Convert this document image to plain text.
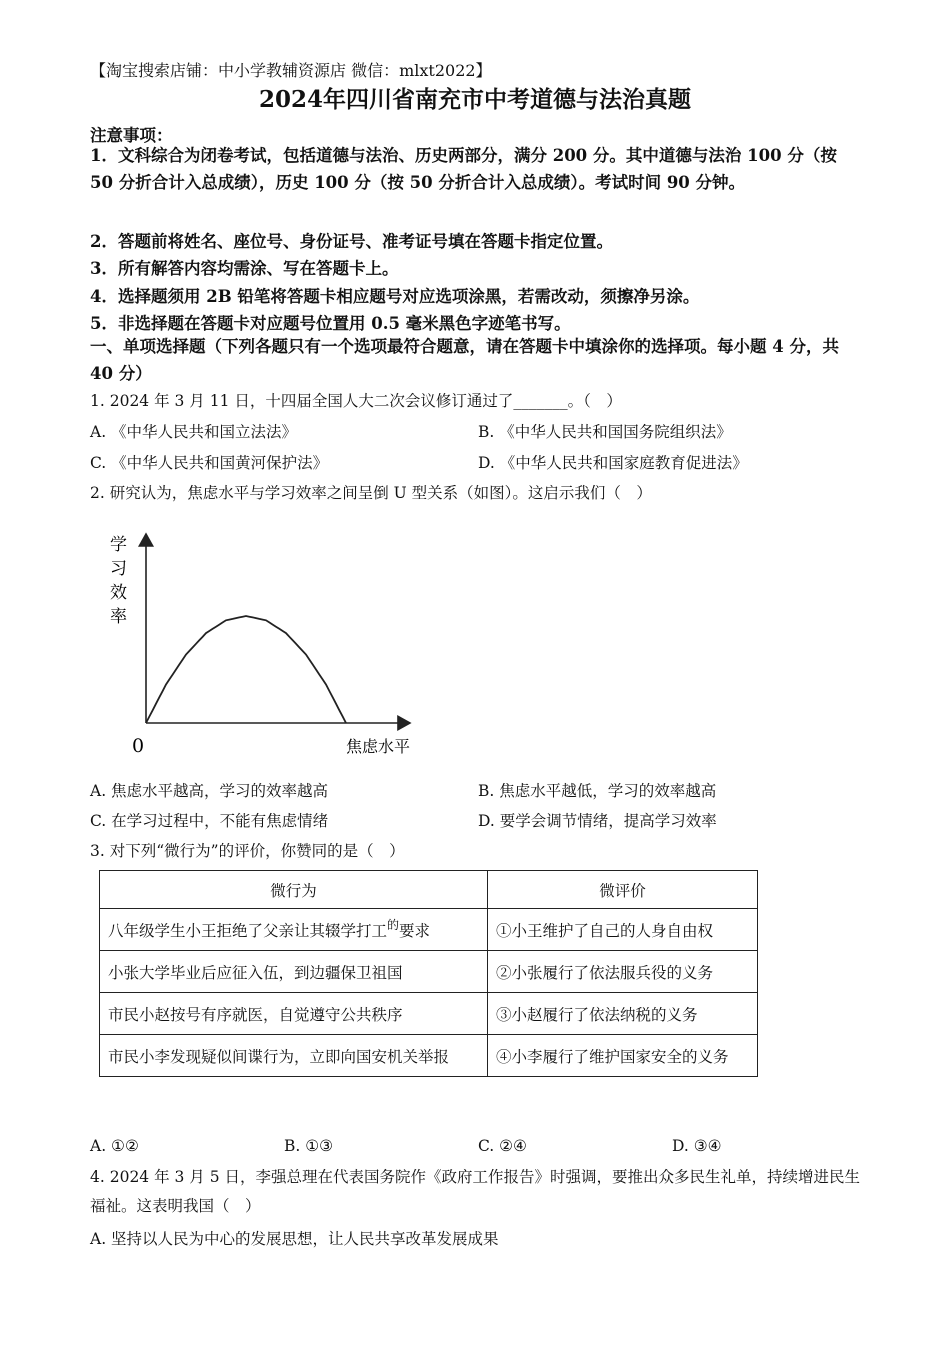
【淘宝搜索店铺：中小学教辅资源店 微信：mlxt2022】
2024年四川省南充市中考道德与法治真题
注意事项：
1．文科综合为闭卷考试，包括道德与法治、历史两部分，满分 200 分。其中道德与法治 100 分（按 50 分折合计入总成绩），历史 100 分（按 50 分折合计入总成绩）。考试时间 90 分钟。
2．答题前将姓名、座位号、身份证号、准考证号填在答题卡指定位置。
3．所有解答内容均需涂、写在答题卡上。
4．选择题须用 2B 铅笔将答题卡相应题号对应选项涂黑，若需改动，须擦净另涂。
5．非选择题在答题卡对应题号位置用 0.5 毫米黑色字迹笔书写。
一、单项选择题（下列各题只有一个选项最符合题意，请在答题卡中填涂你的选择项。每小题 4 分，共 40 分）
1. 2024 年 3 月 11 日，十四届全国人大二次会议修订通过了_______。（　）
A. 《中华人民共和国立法法》	B. 《中华人民共和国国务院组织法》
C. 《中华人民共和国黄河保护法》	D. 《中华人民共和国家庭教育促进法》
2. 研究认为，焦虑水平与学习效率之间呈倒 U 型关系（如图）。这启示我们（　）
学
习
效
率
0	焦虑水平
A. 焦虑水平越高，学习的效率越高	B. 焦虑水平越低，学习的效率越高
C. 在学习过程中，不能有焦虑情绪	D. 要学会调节情绪，提高学习效率
3. 对下列“微行为”的评价，你赞同的是（　）
微行为	微评价
八年级学生小王拒绝了父亲让其辍学打工$^的$要求	①小王维护了自己的人身自由权
小张大学毕业后应征入伍，到边疆保卫祖国	②小张履行了依法服兵役的义务
市民小赵按号有序就医，自觉遵守公共秩序	③小赵履行了依法纳税的义务
市民小李发现疑似间谍行为，立即向国安机关举报	④小李履行了维护国家安全的义务
A. ①②	B. ①③	C. ②④	D. ③④
4. 2024 年 3 月 5 日，李强总理在代表国务院作《政府工作报告》时强调，要推出众多民生礼单，持续增进民生福祉。这表明我国（　）
A. 坚持以人民为中心的发展思想，让人民共享改革发展成果
